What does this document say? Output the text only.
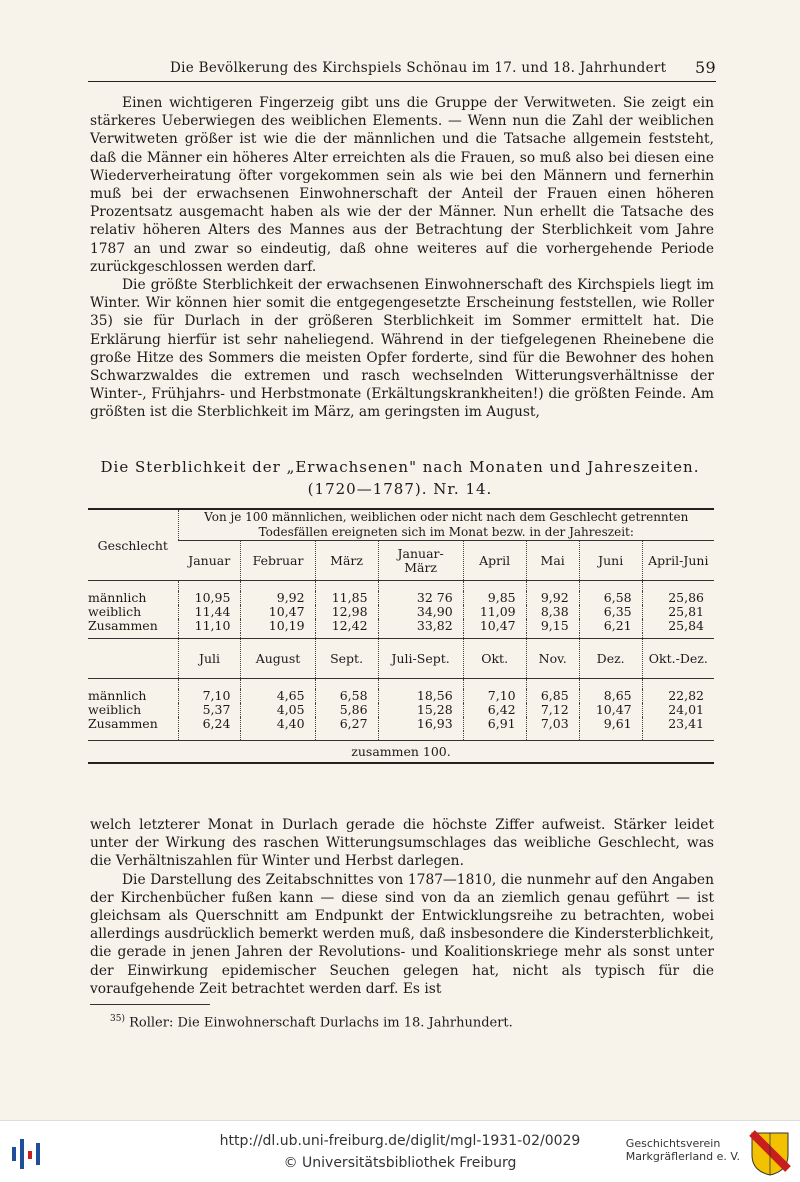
Die Bevölkerung des Kirchspiels Schönau im 17. und 18. Jahrhundert 59

Einen wichtigeren Fingerzeig gibt uns die Gruppe der Verwitweten. Sie zeigt ein stärkeres Ueberwiegen des weiblichen Elements. — Wenn nun die Zahl der weiblichen Verwitweten größer ist wie die der männlichen und die Tatsache allgemein feststeht, daß die Männer ein höheres Alter erreichten als die Frauen, so muß also bei diesen eine Wiederverheiratung öfter vorgekommen sein als wie bei den Männern und fernerhin muß bei der erwachsenen Einwohnerschaft der Anteil der Frauen einen höheren Prozentsatz ausgemacht haben als wie der der Männer. Nun erhellt die Tatsache des relativ höheren Alters des Mannes aus der Betrachtung der Sterblichkeit vom Jahre 1787 an und zwar so eindeutig, daß ohne weiteres auf die vorhergehende Periode zurückgeschlossen werden darf.

Die größte Sterblichkeit der erwachsenen Einwohnerschaft des Kirchspiels liegt im Winter. Wir können hier somit die entgegengesetzte Erscheinung feststellen, wie Roller 35) sie für Durlach in der größeren Sterblichkeit im Sommer ermittelt hat. Die Erklärung hierfür ist sehr naheliegend. Während in der tiefgelegenen Rheinebene die große Hitze des Sommers die meisten Opfer forderte, sind für die Bewohner des hohen Schwarzwaldes die extremen und rasch wechselnden Witterungsverhältnisse der Winter-, Frühjahrs- und Herbstmonate (Erkältungskrankheiten!) die größten Feinde. Am größten ist die Sterblichkeit im März, am geringsten im August,

Die Sterblichkeit der „Erwachsenen" nach Monaten und Jahreszeiten.
(1720—1787). Nr. 14.
Geschlecht	Von je 100 männlichen, weiblichen oder nicht nach dem Geschlecht getrennten Todesfällen ereigneten sich im Monat bezw. in der Jahreszeit:							
	Januar	Februar	März	Januar-März	April	Mai	Juni	April-Juni

männlich	10,95	9,92	11,85	32 76	9,85	9,92	6,58	25,86
weiblich	11,44	10,47	12,98	34,90	11,09	8,38	6,35	25,81
Zusammen	11,10	10,19	12,42	33,82	10,47	9,15	6,21	25,84

	Juli	August	Sept.	Juli-Sept.	Okt.	Nov.	Dez.	Okt.-Dez.

männlich	7,10	4,65	6,58	18,56	7,10	6,85	8,65	22,82
weiblich	5,37	4,05	5,86	15,28	6,42	7,12	10,47	24,01
Zusammen	6,24	4,40	6,27	16,93	6,91	7,03	9,61	23,41

zusammen 100.								

welch letzterer Monat in Durlach gerade die höchste Ziffer aufweist. Stärker leidet unter der Wirkung des raschen Witterungsumschlages das weibliche Geschlecht, was die Verhältniszahlen für Winter und Herbst darlegen.

Die Darstellung des Zeitabschnittes von 1787—1810, die nunmehr auf den Angaben der Kirchenbücher fußen kann — diese sind von da an ziemlich genau geführt — ist gleichsam als Querschnitt am Endpunkt der Entwicklungsreihe zu betrachten, wobei allerdings ausdrücklich bemerkt werden muß, daß insbesondere die Kindersterblichkeit, die gerade in jenen Jahren der Revolutions- und Koalitionskriege mehr als sonst unter der Einwirkung epidemischer Seuchen gelegen hat, nicht als typisch für die voraufgehende Zeit betrachtet werden darf. Es ist

$^{35)}$ Roller: Die Einwohnerschaft Durlachs im 18. Jahrhundert.
http://dl.ub.uni-freiburg.de/diglit/mgl-1931-02/0029
© Universitätsbibliothek Freiburg
Geschichtsverein
Markgräflerland e. V.
